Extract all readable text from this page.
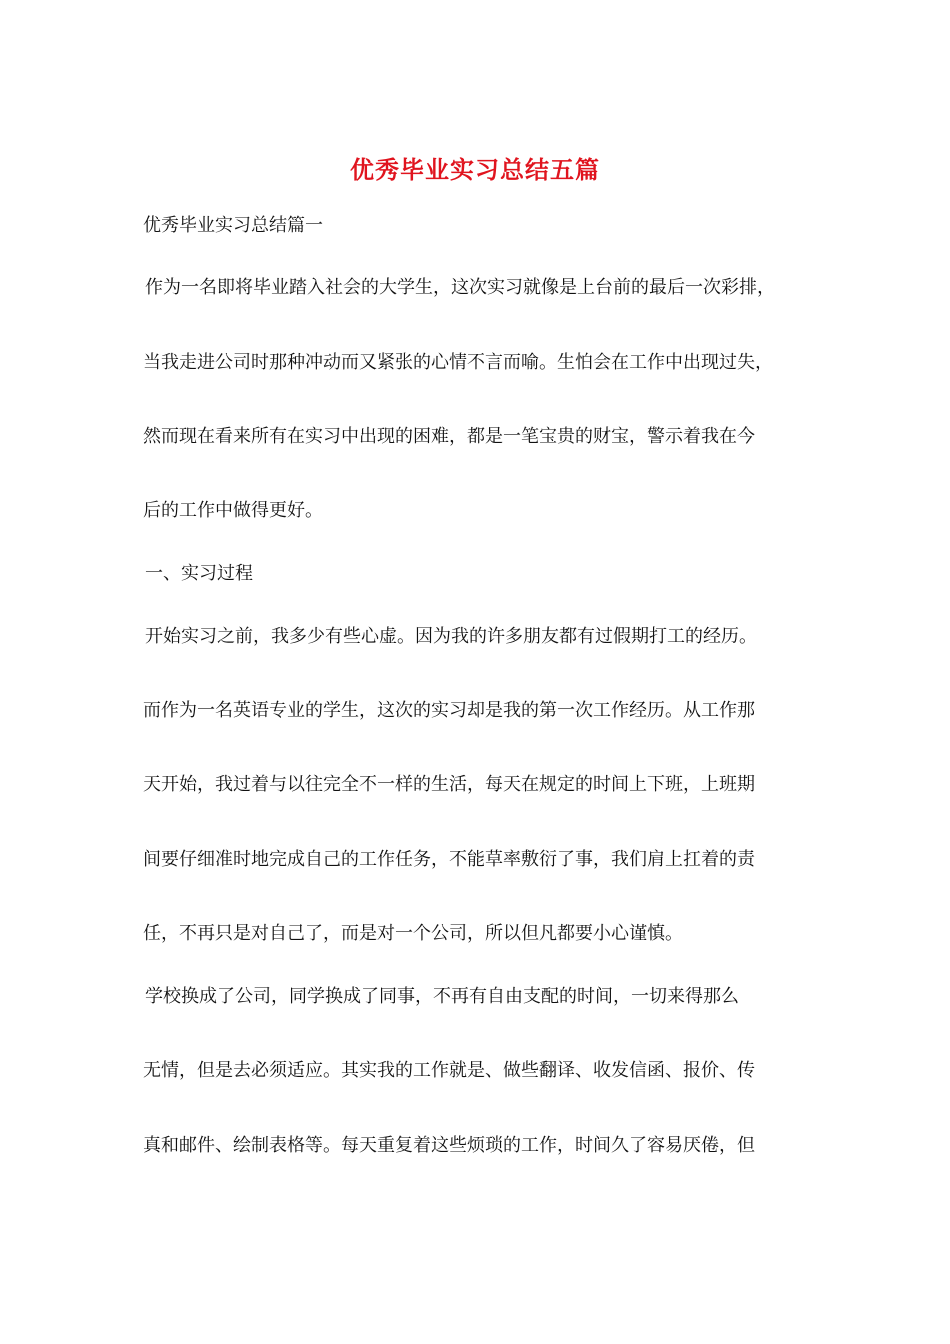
优秀毕业实习总结五篇
优秀毕业实习总结篇一
作为一名即将毕业踏入社会的大学生，这次实习就像是上台前的最后一次彩排，
当我走进公司时那种冲动而又紧张的心情不言而喻。生怕会在工作中出现过失，
然而现在看来所有在实习中出现的困难，都是一笔宝贵的财宝，警示着我在今
后的工作中做得更好。
一、实习过程
开始实习之前，我多少有些心虚。因为我的许多朋友都有过假期打工的经历。
而作为一名英语专业的学生，这次的实习却是我的第一次工作经历。从工作那
天开始，我过着与以往完全不一样的生活，每天在规定的时间上下班，上班期
间要仔细准时地完成自己的工作任务，不能草率敷衍了事，我们肩上扛着的责
任，不再只是对自己了，而是对一个公司，所以但凡都要小心谨慎。
学校换成了公司，同学换成了同事，不再有自由支配的时间，一切来得那么
无情，但是去必须适应。其实我的工作就是、做些翻译、收发信函、报价、传
真和邮件、绘制表格等。每天重复着这些烦琐的工作，时间久了容易厌倦，但
